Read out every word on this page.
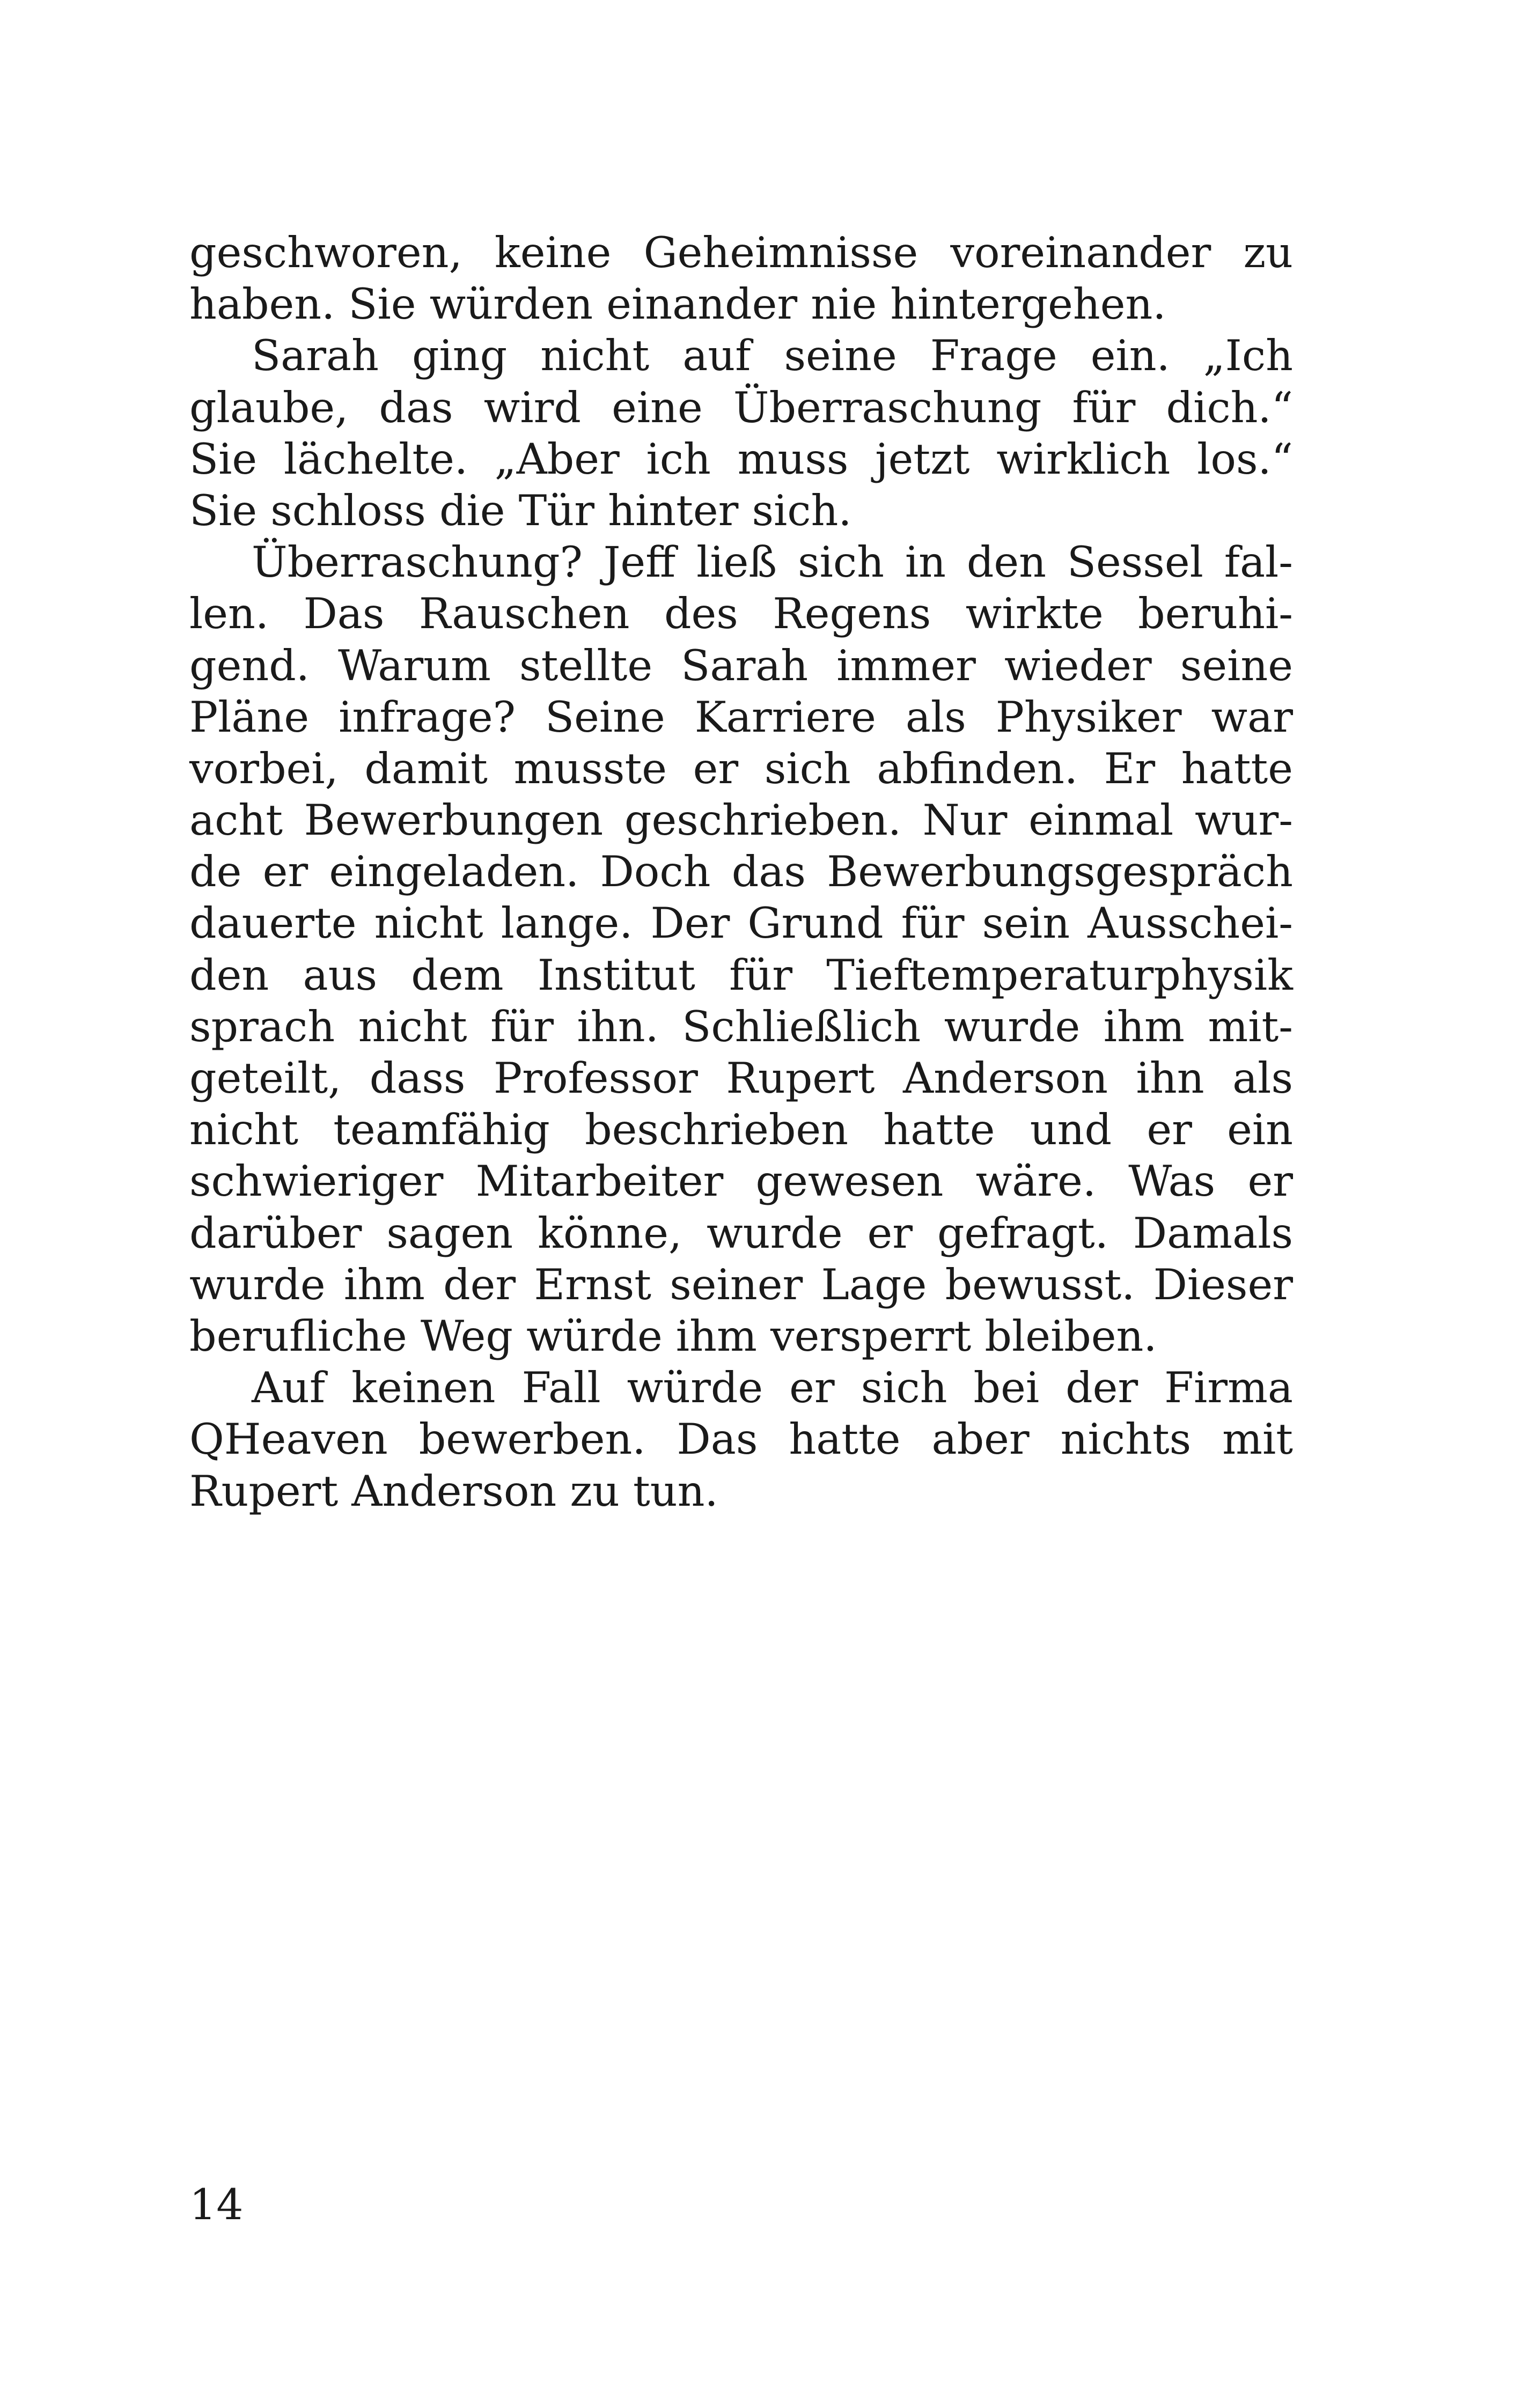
geschworen, keine Geheimnisse voreinander zu
haben. Sie würden einander nie hintergehen.
Sarah ging nicht auf seine Frage ein. „Ich
glaube, das wird eine Überraschung für dich.“
Sie lächelte. „Aber ich muss jetzt wirklich los.“
Sie schloss die Tür hinter sich.
Überraschung? Jeff ließ sich in den Sessel fal-
len. Das Rauschen des Regens wirkte beruhi-
gend. Warum stellte Sarah immer wieder seine
Pläne infrage? Seine Karriere als Physiker war
vorbei, damit musste er sich abfinden. Er hatte
acht Bewerbungen geschrieben. Nur einmal wur-
de er eingeladen. Doch das Bewerbungsgespräch
dauerte nicht lange. Der Grund für sein Ausschei-
den aus dem Institut für Tieftemperaturphysik
sprach nicht für ihn. Schließlich wurde ihm mit-
geteilt, dass Professor Rupert Anderson ihn als
nicht teamfähig beschrieben hatte und er ein
schwieriger Mitarbeiter gewesen wäre. Was er
darüber sagen könne, wurde er gefragt. Damals
wurde ihm der Ernst seiner Lage bewusst. Dieser
berufliche Weg würde ihm versperrt bleiben.
Auf keinen Fall würde er sich bei der Firma
QHeaven bewerben. Das hatte aber nichts mit
Rupert Anderson zu tun.
14
